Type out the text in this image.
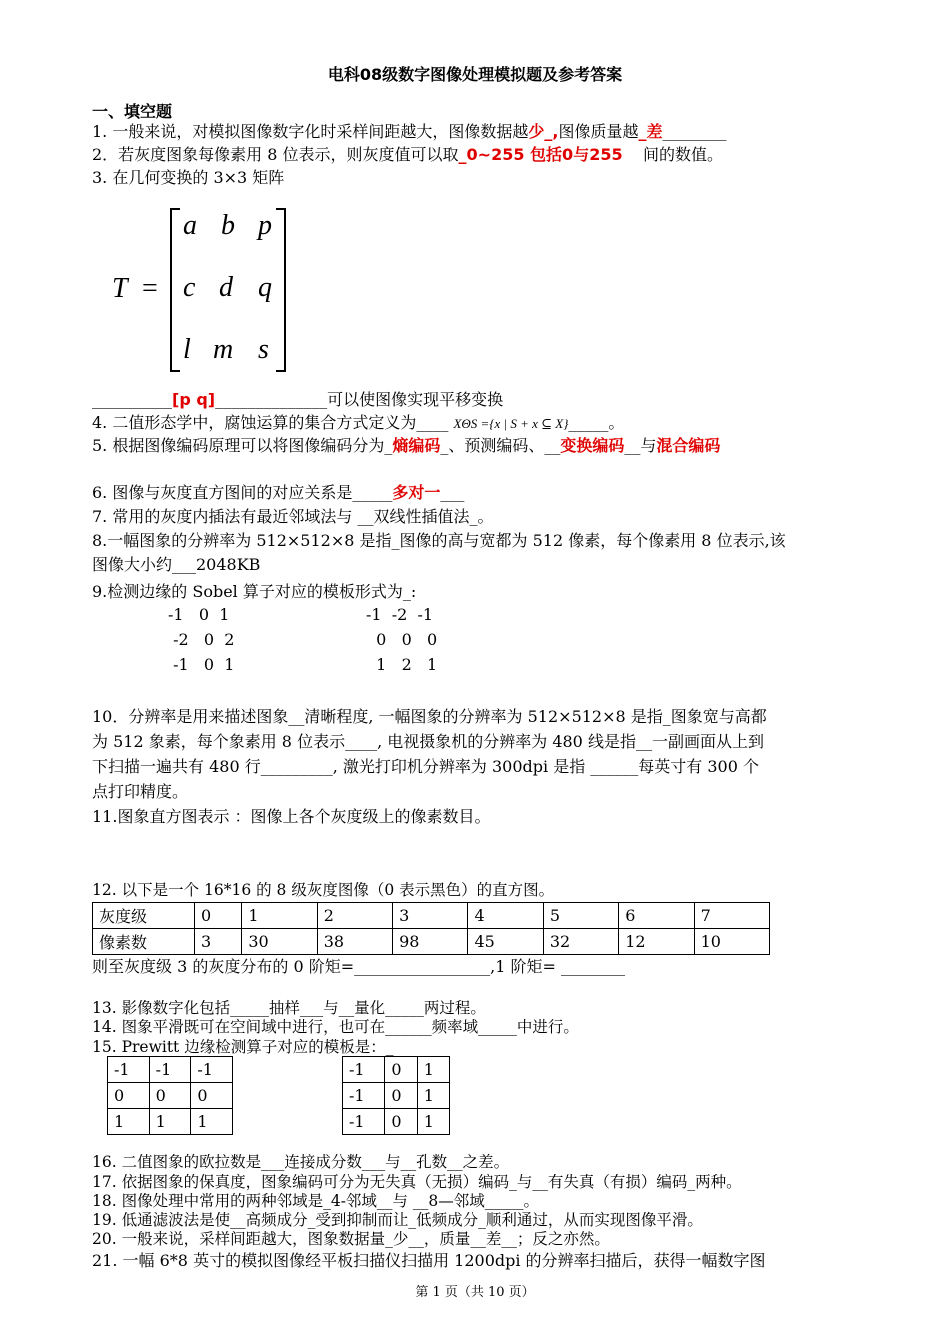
电科08级数字图像处理模拟题及参考答案
一、填空题
1. 一般来说，对模拟图像数字化时采样间距越大，图像数据越少_,图像质量越_差________
2．若灰度图象每像素用 8 位表示，则灰度值可以取_0~255 包括0与255    间的数值。
3. 在几何变换的 3×3 矩阵
T =
a b p
c d q
l m s
__________[p q]______________可以使图像实现平移变换
4. 二值形态学中，腐蚀运算的集合方式定义为____ XΘS ={x | S + x ⊆ X}_____。
5. 根据图像编码原理可以将图像编码分为_熵编码_、预测编码、__变换编码__与混合编码
6. 图像与灰度直方图间的对应关系是_____多对一___
7. 常用的灰度内插法有最近邻域法与 __双线性插值法_。
8.一幅图象的分辨率为 512×512×8 是指_图像的高与宽都为 512 像素，每个像素用 8 位表示,该
图像大小约___2048KB
9.检测边缘的 Sobel 算子对应的模板形式为_:
-1   0  1
-2   0  2
-1   0  1
-1  -2  -1
0   0   0
1   2   1
10．分辨率是用来描述图象__清晰程度, 一幅图象的分辨率为 512×512×8 是指_图象宽与高都
为 512 象素，每个象素用 8 位表示____, 电视摄象机的分辨率为 480 线是指__一副画面从上到
下扫描一遍共有 480 行_________, 激光打印机分辨率为 300dpi 是指 ______每英寸有 300 个
点打印精度。
11.图象直方图表示 ：图像上各个灰度级上的像素数目。
12. 以下是一个 16*16 的 8 级灰度图像（0 表示黑色）的直方图。
灰度级	0	1	2	3	4	5	6	7
像素数	3	30	38	98	45	32	12	10
则至灰度级 3 的灰度分布的 0 阶矩=_________________,1 阶矩= ________
13. 影像数字化包括_____抽样___与__量化_____两过程。
14. 图象平滑既可在空间域中进行，也可在______频率域_____中进行。
15. Prewitt 边缘检测算子对应的模板是：_
-1	-1	-1
0	0	0
1	1	1
-1	0	1
-1	0	1
-1	0	1
16. 二值图象的欧拉数是___连接成分数___与__孔数__之差。
17. 依据图象的保真度，图象编码可分为无失真（无损）编码_与__有失真（有损）编码_两种。
18. 图像处理中常用的两种邻域是_4-邻域__与 __8—邻域_____。
19. 低通滤波法是使__高频成分_受到抑制而让_低频成分_顺利通过，从而实现图像平滑。
20. 一般来说，采样间距越大，图象数据量_少__，质量__差__；反之亦然。
21. 一幅 6*8 英寸的模拟图像经平板扫描仪扫描用 1200dpi 的分辨率扫描后，获得一幅数字图
第 1 页（共 10 页）
